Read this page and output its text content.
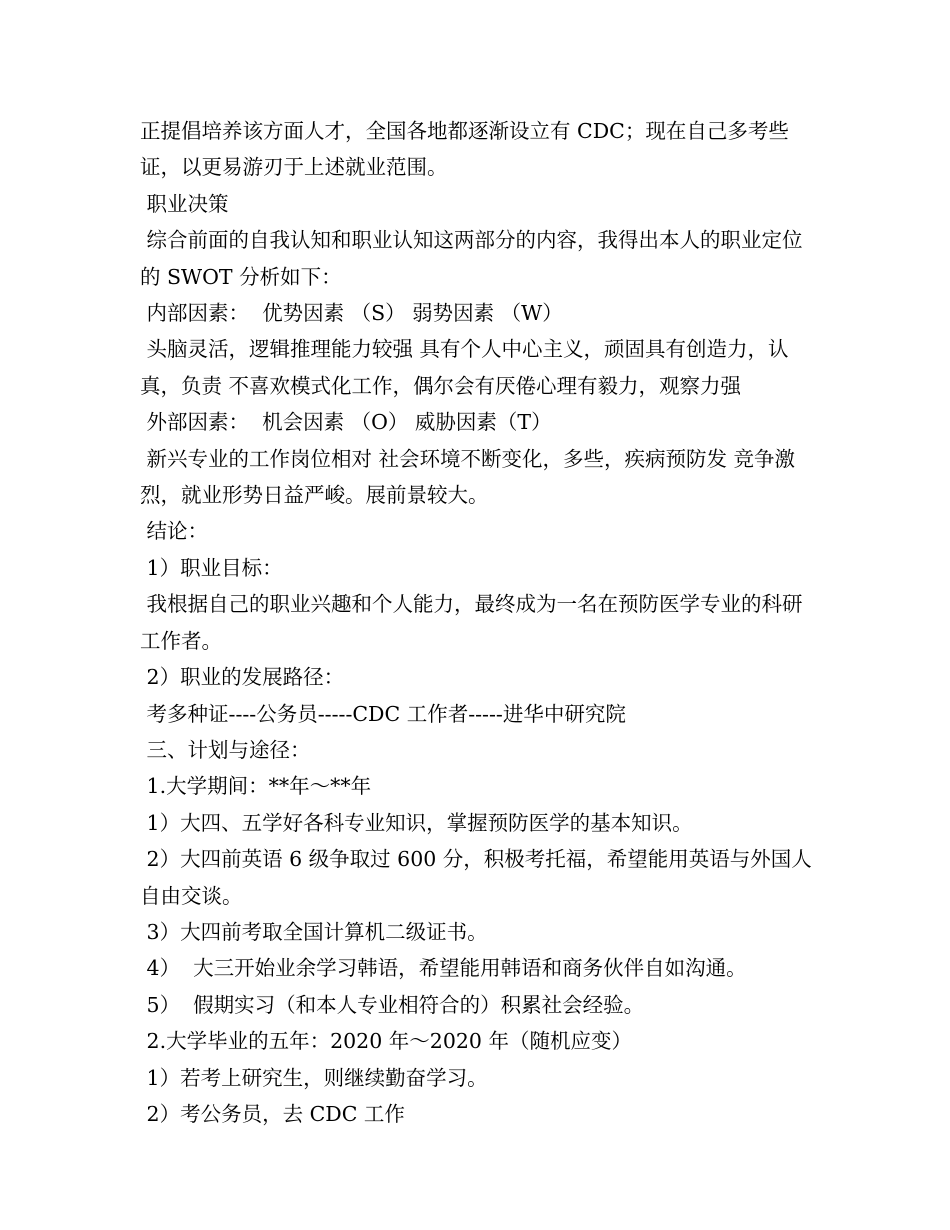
正提倡培养该方面人才，全国各地都逐渐设立有 CDC；现在自己多考些证，以更易游刃于上述就业范围。

职业决策

综合前面的自我认知和职业认知这两部分的内容，我得出本人的职业定位的 SWOT 分析如下：

内部因素：  优势因素 （S） 弱势因素 （W）

头脑灵活，逻辑推理能力较强 具有个人中心主义，顽固具有创造力，认真，负责 不喜欢模式化工作，偶尔会有厌倦心理有毅力，观察力强

外部因素：  机会因素 （O） 威胁因素（T）

新兴专业的工作岗位相对 社会环境不断变化，多些，疾病预防发 竞争激烈，就业形势日益严峻。展前景较大。

结论：

1）职业目标：

我根据自己的职业兴趣和个人能力，最终成为一名在预防医学专业的科研工作者。

2）职业的发展路径：

考多种证----公务员-----CDC 工作者-----进华中研究院

三、计划与途径：

1.大学期间：**年～**年

1）大四、五学好各科专业知识，掌握预防医学的基本知识。

2）大四前英语 6 级争取过 600 分，积极考托福，希望能用英语与外国人自由交谈。

3）大四前考取全国计算机二级证书。

4）  大三开始业余学习韩语，希望能用韩语和商务伙伴自如沟通。

5）  假期实习（和本人专业相符合的）积累社会经验。

2.大学毕业的五年：2020 年～2020 年（随机应变）

1）若考上研究生，则继续勤奋学习。

2）考公务员，去 CDC 工作
